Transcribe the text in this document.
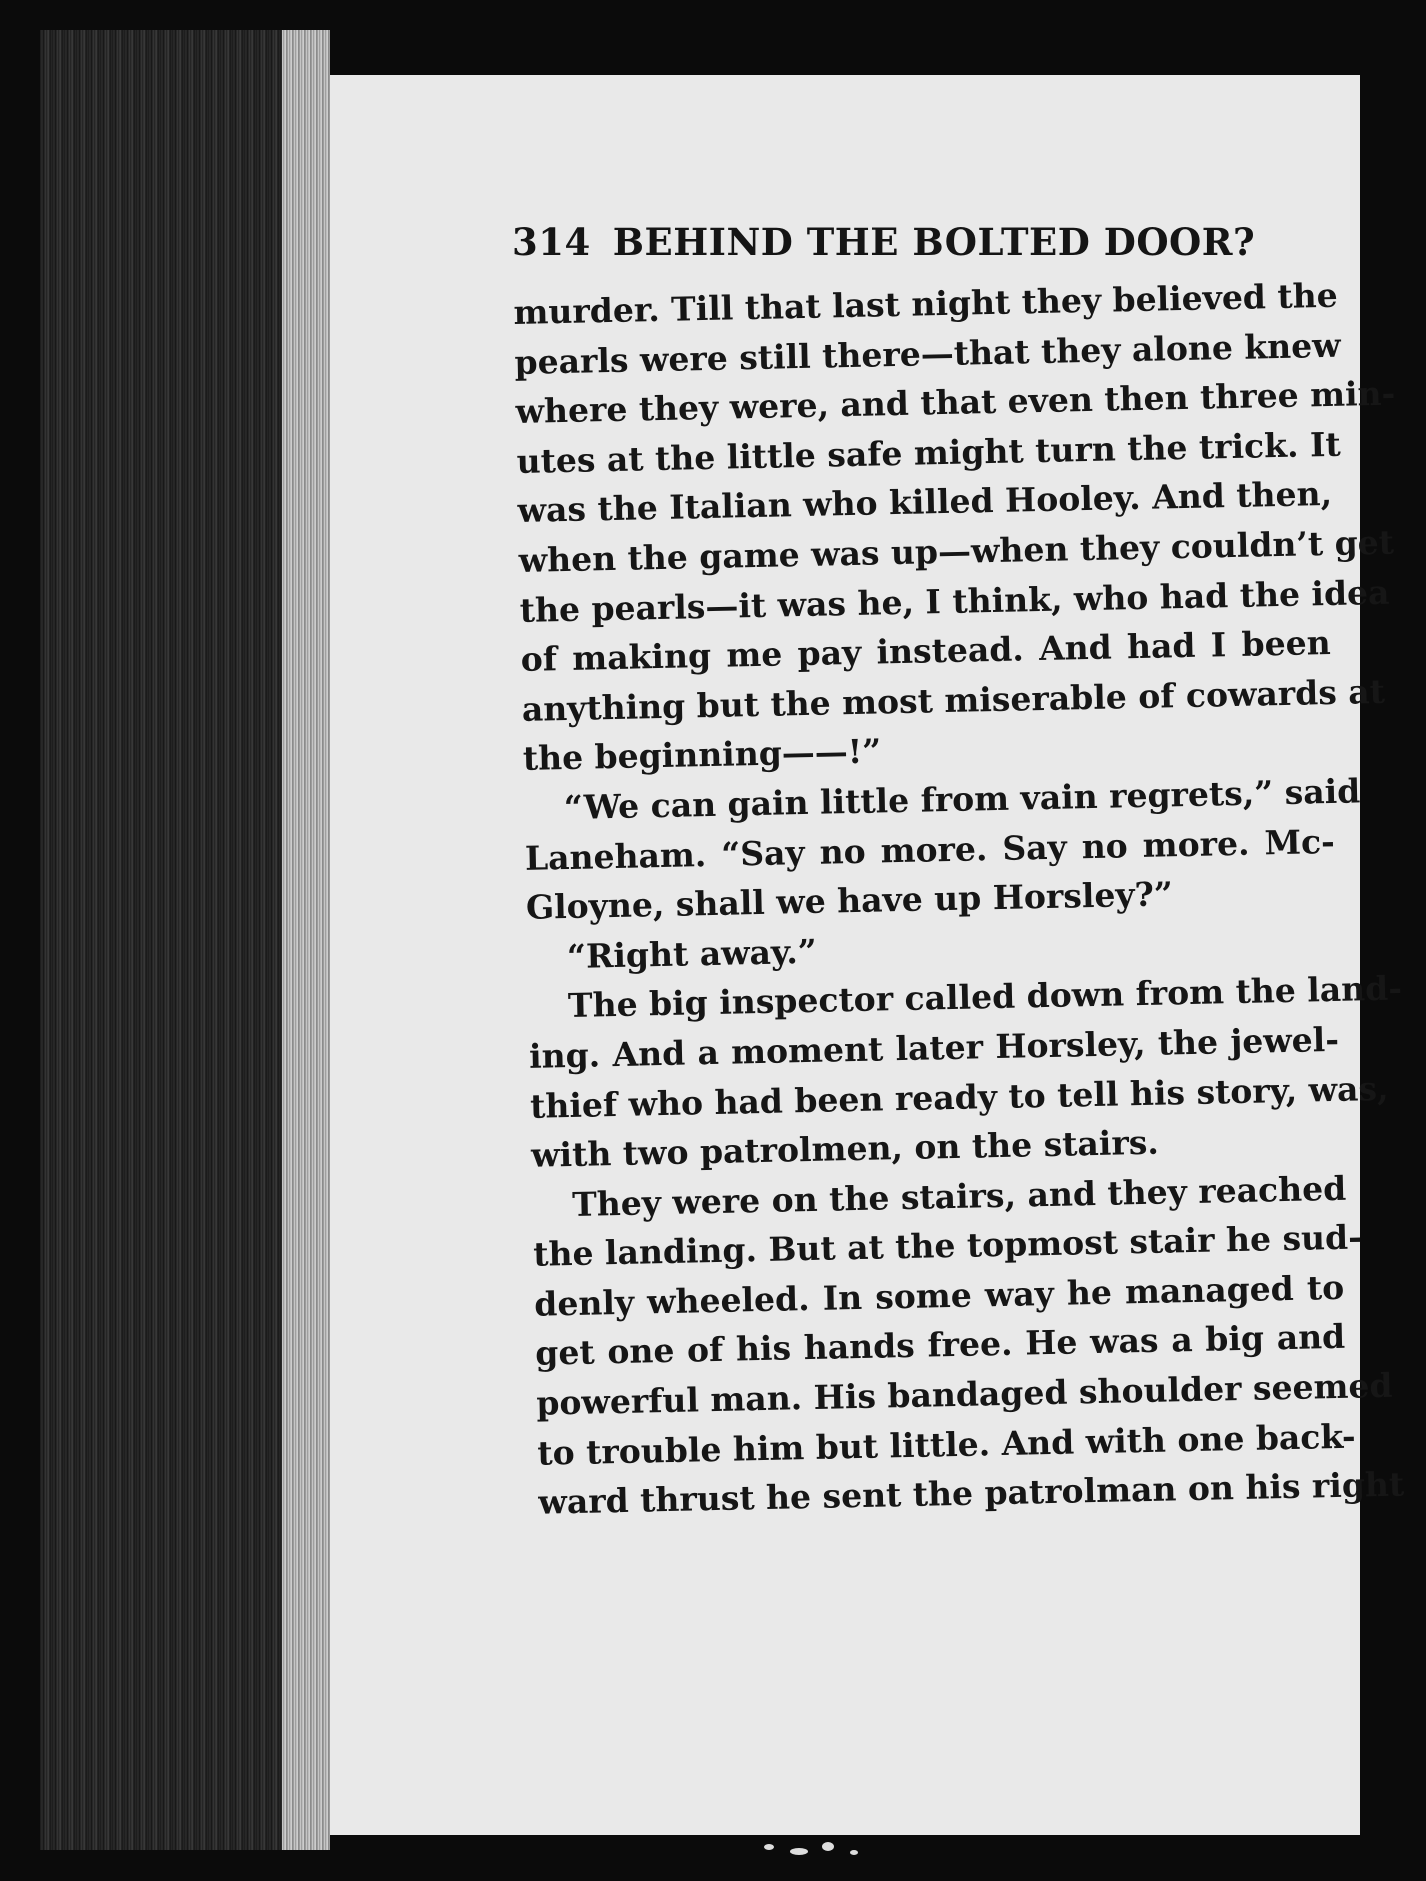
314 BEHIND THE BOLTED DOOR?
murder. Till that last night they believed the
pearls were still there—that they alone knew
where they were, and that even then three min-
utes at the little safe might turn the trick. It
was the Italian who killed Hooley. And then,
when the game was up—when they couldn’t get
the pearls—it was he, I think, who had the idea
of making me pay instead. And had I been
anything but the most miserable of cowards at
the beginning——!”
“We can gain little from vain regrets,” said
Laneham. “Say no more. Say no more. Mc-
Gloyne, shall we have up Horsley?”
“Right away.”
The big inspector called down from the land-
ing. And a moment later Horsley, the jewel-
thief who had been ready to tell his story, was,
with two patrolmen, on the stairs.
They were on the stairs, and they reached
the landing. But at the topmost stair he sud-
denly wheeled. In some way he managed to
get one of his hands free. He was a big and
powerful man. His bandaged shoulder seemed
to trouble him but little. And with one back-
ward thrust he sent the patrolman on his right
